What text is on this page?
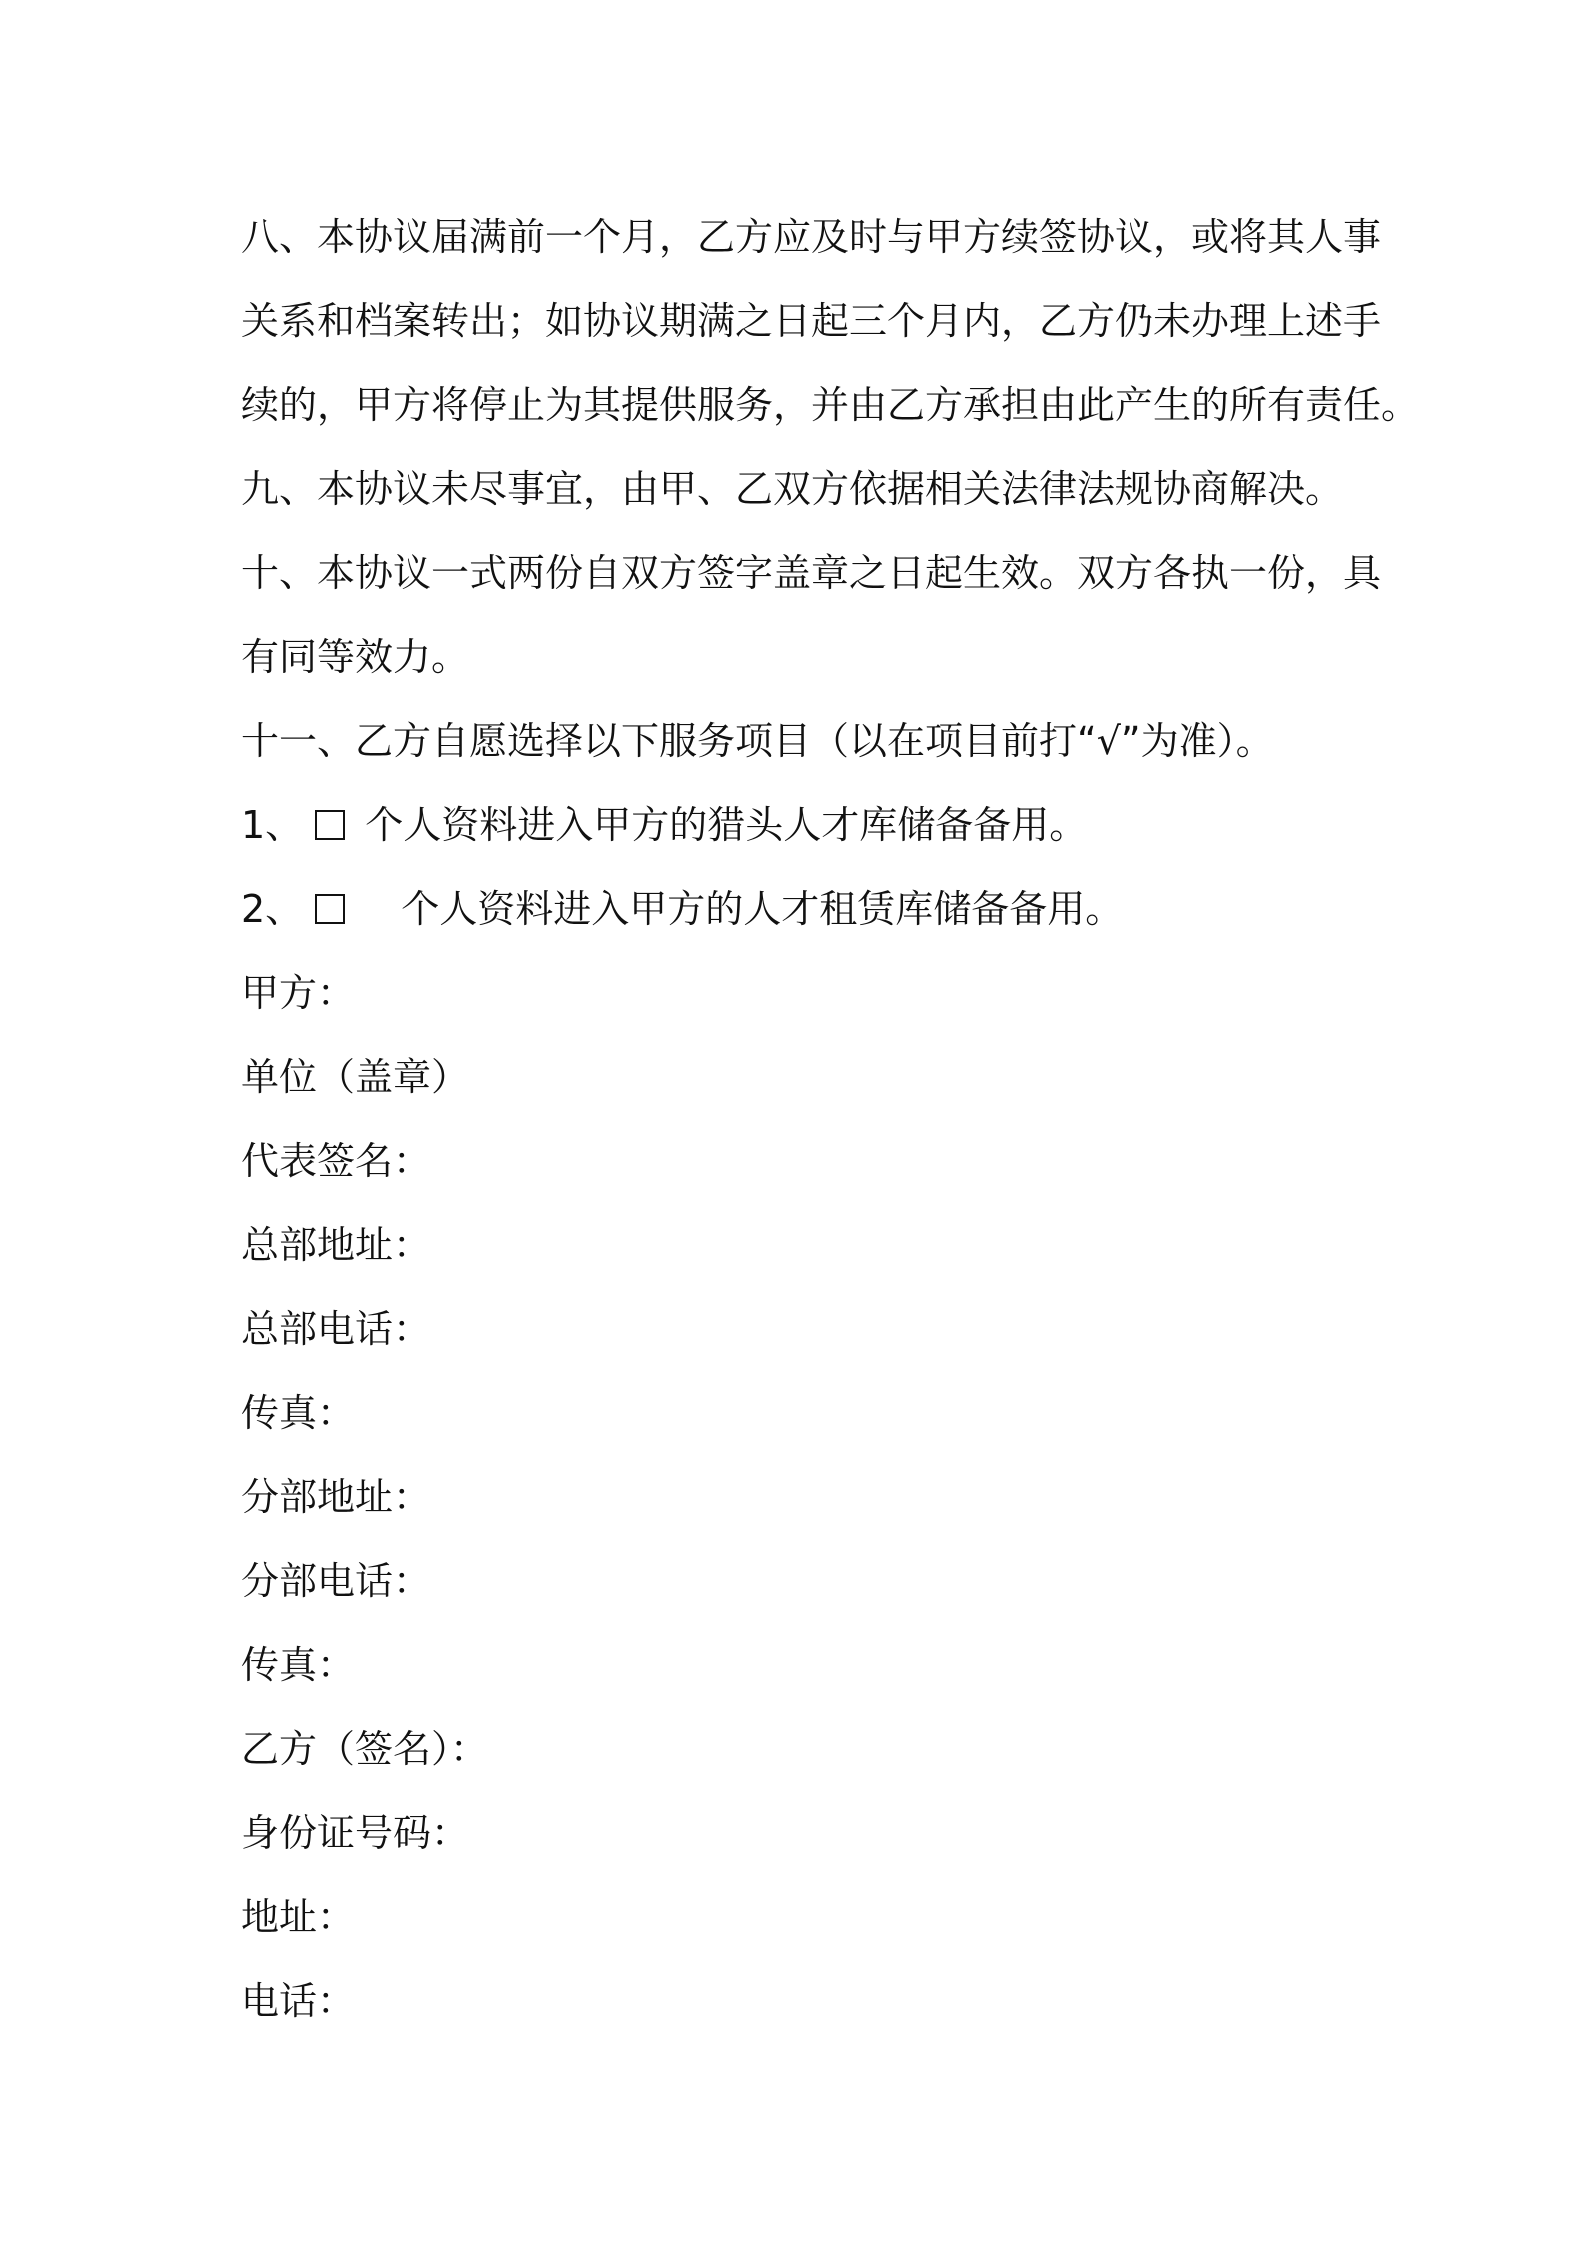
八、本协议届满前一个月，乙方应及时与甲方续签协议，或将其人事
关系和档案转出；如协议期满之日起三个月内，乙方仍未办理上述手
续的，甲方将停止为其提供服务，并由乙方承担由此产生的所有责任。
九、本协议未尽事宜，由甲、乙双方依据相关法律法规协商解决。
十、本协议一式两份自双方签字盖章之日起生效。双方各执一份，具
有同等效力。
十一、乙方自愿选择以下服务项目（以在项目前打“√”为准）。
1、 个人资料进入甲方的猎头人才库储备备用。
2、	个人资料进入甲方的人才租赁库储备备用。
甲方：
单位（盖章）
代表签名：
总部地址：
总部电话：
传真：
分部地址：
分部电话：
传真：
乙方（签名）：
身份证号码：
地址：
电话：
